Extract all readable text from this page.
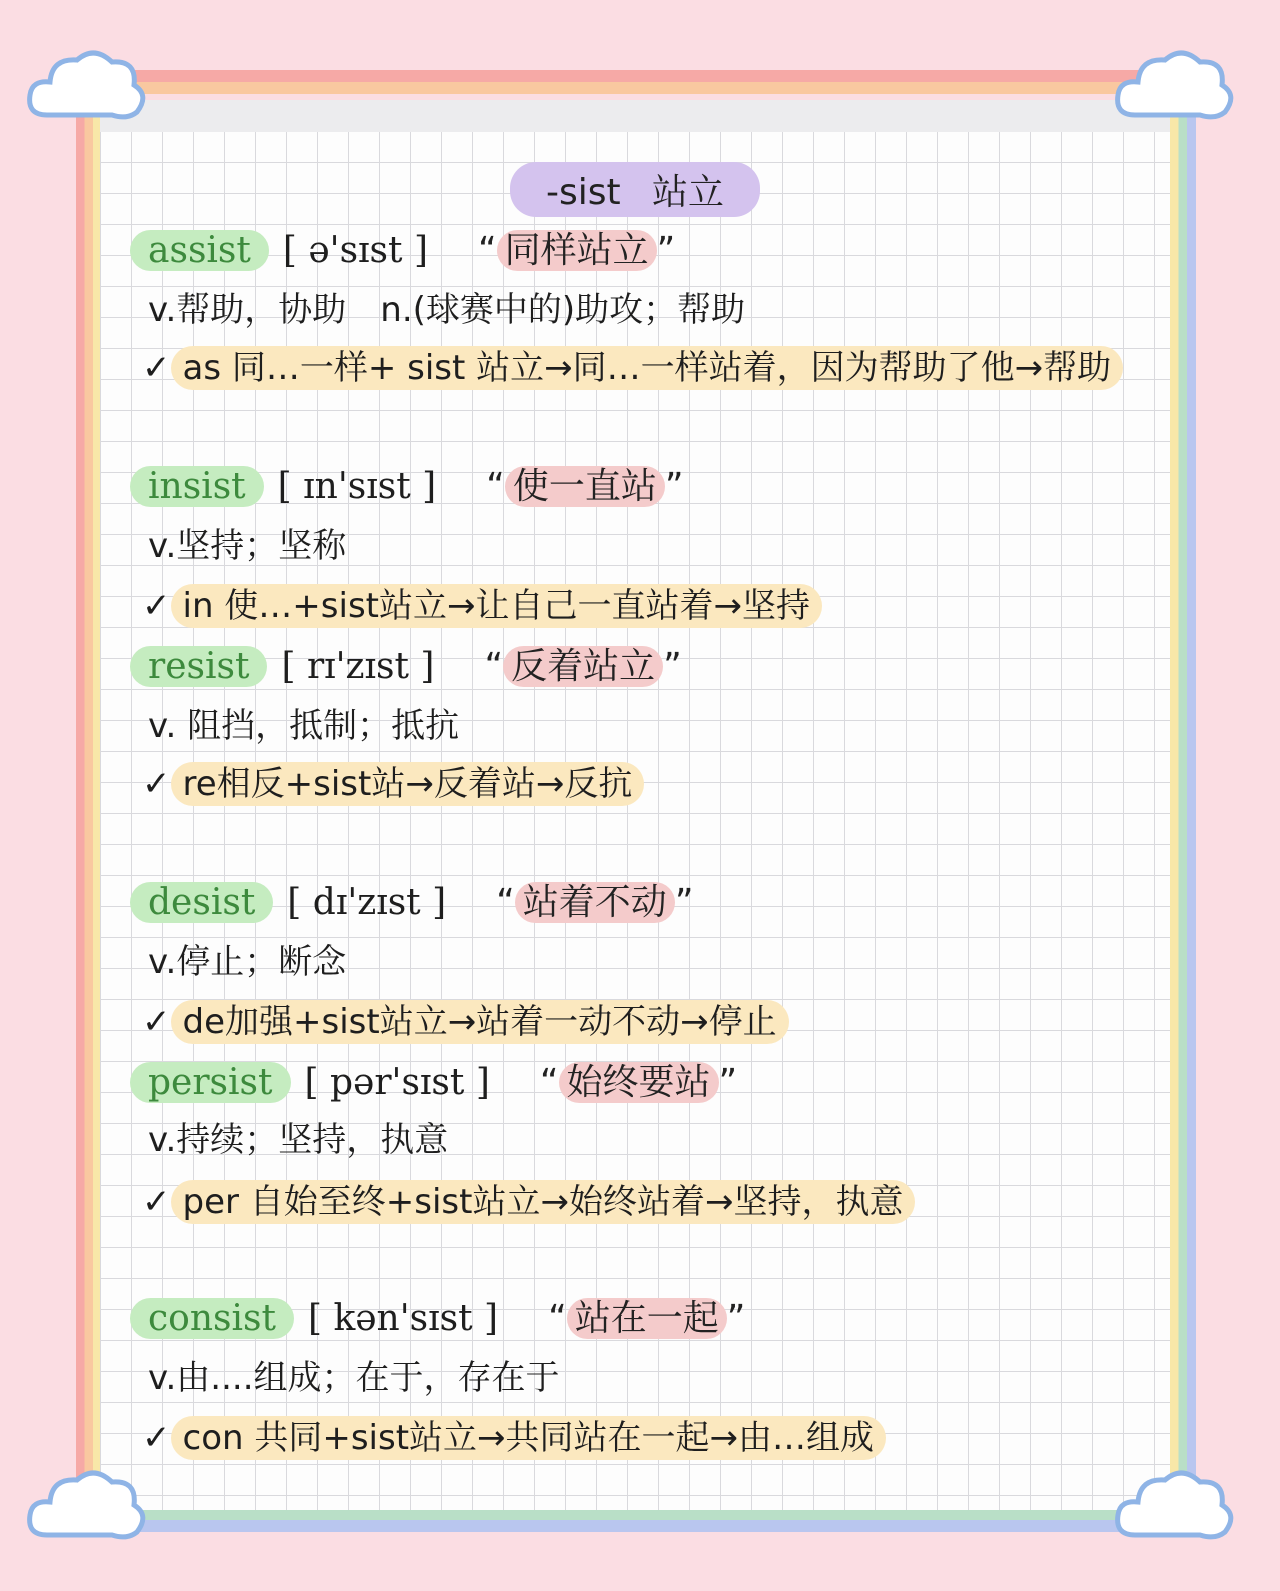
-sist 站立
assist [ ə'sɪst ] “ 同样站立 ”
v.帮助，协助　n.(球赛中的)助攻；帮助
✓ as 同…一样+ sist 站立→同…一样站着，因为帮助了他→帮助
insist [ ɪn'sɪst ] “ 使一直站 ”
v.坚持；坚称
✓ in 使…+sist站立→让自己一直站着→坚持
resist [ rɪ'zɪst ] “ 反着站立 ”
v. 阻挡，抵制；抵抗
✓ re相反+sist站→反着站→反抗
desist [ dɪ'zɪst ] “ 站着不动 ”
v.停止；断念
✓ de加强+sist站立→站着一动不动→停止
persist [ pər'sɪst ] “ 始终要站 ”
v.持续；坚持，执意
✓ per 自始至终+sist站立→始终站着→坚持，执意
consist [ kən'sɪst ] “ 站在一起 ”
v.由....组成；在于，存在于
✓ con 共同+sist站立→共同站在一起→由…组成
